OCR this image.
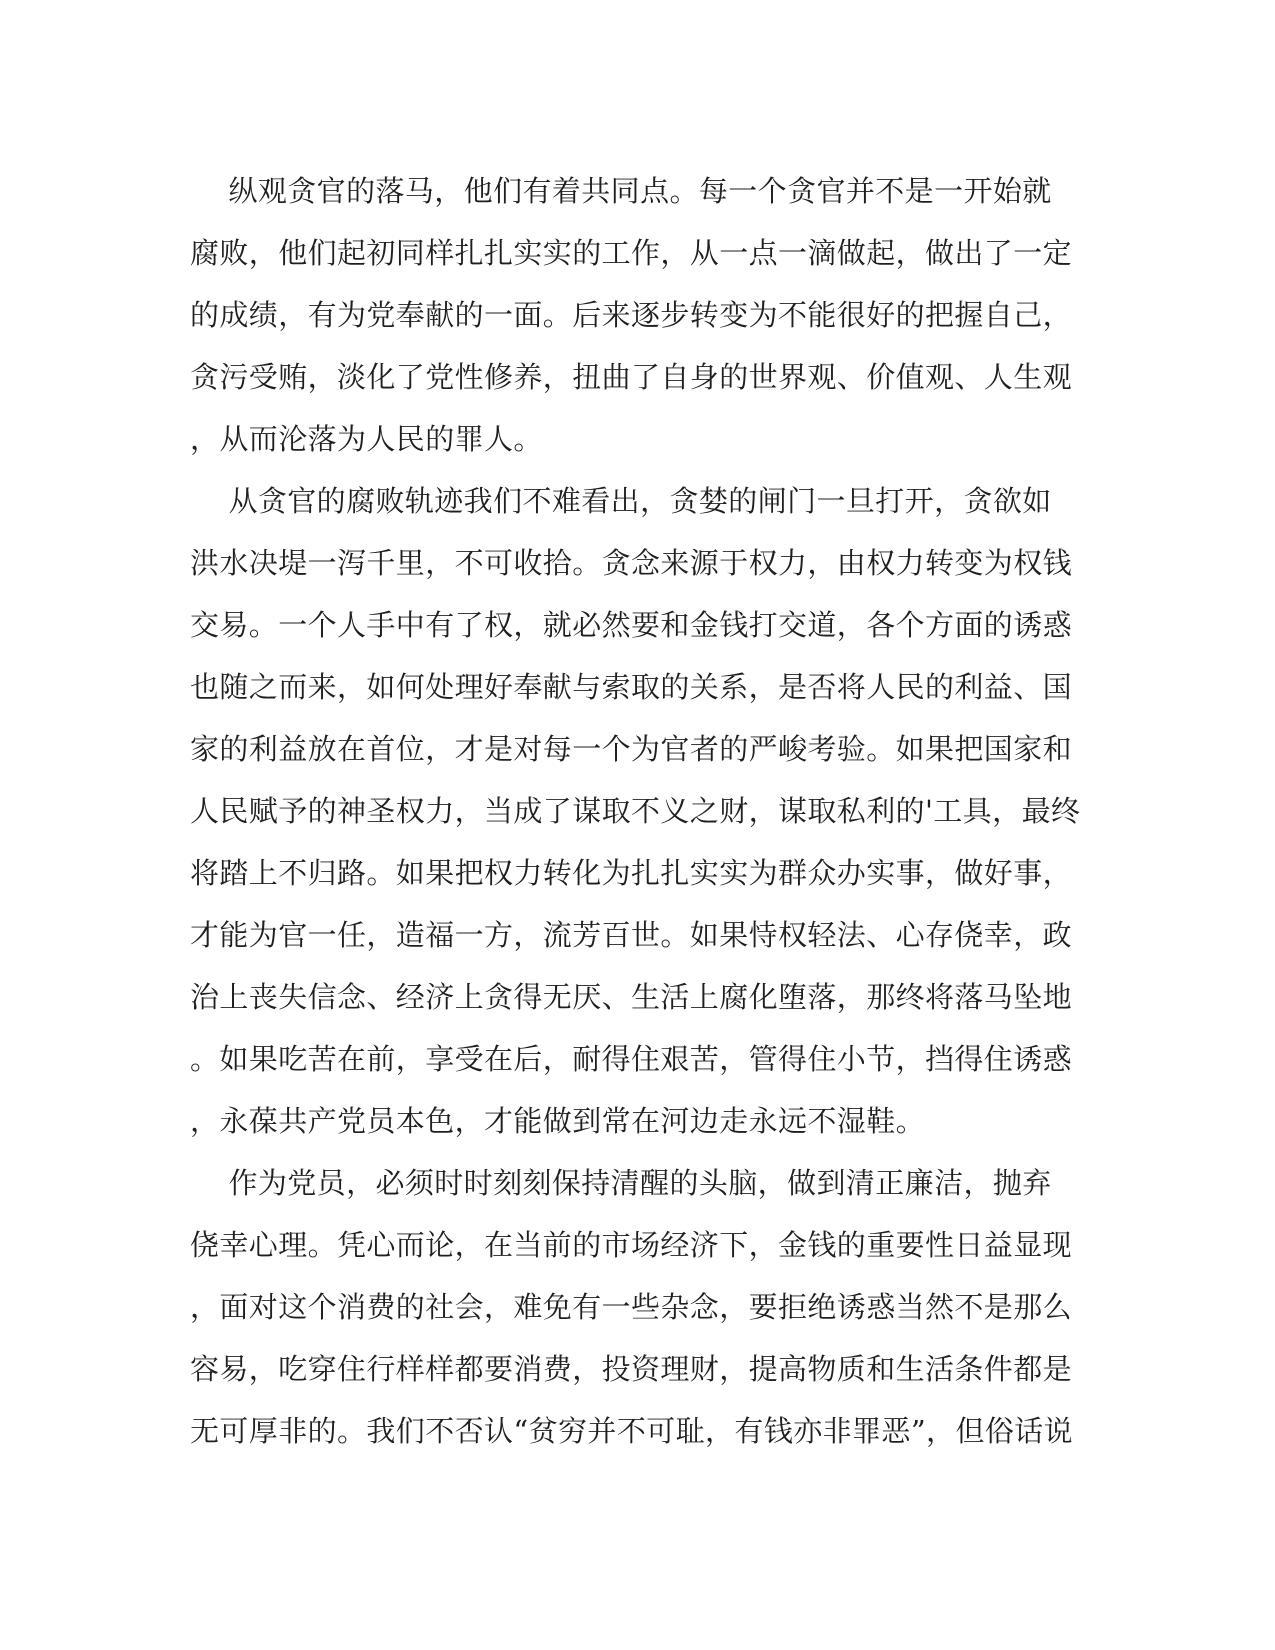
纵观贪官的落马，他们有着共同点。每一个贪官并不是一开始就
腐败，他们起初同样扎扎实实的工作，从一点一滴做起，做出了一定
的成绩，有为党奉献的一面。后来逐步转变为不能很好的把握自己，
贪污受贿，淡化了党性修养，扭曲了自身的世界观、价值观、人生观
，从而沦落为人民的罪人。
从贪官的腐败轨迹我们不难看出，贪婪的闸门一旦打开，贪欲如
洪水决堤一泻千里，不可收拾。贪念来源于权力，由权力转变为权钱
交易。一个人手中有了权，就必然要和金钱打交道，各个方面的诱惑
也随之而来，如何处理好奉献与索取的关系，是否将人民的利益、国
家的利益放在首位，才是对每一个为官者的严峻考验。如果把国家和
人民赋予的神圣权力，当成了谋取不义之财，谋取私利的'工具，最终
将踏上不归路。如果把权力转化为扎扎实实为群众办实事，做好事，
才能为官一任，造福一方，流芳百世。如果恃权轻法、心存侥幸，政
治上丧失信念、经济上贪得无厌、生活上腐化堕落，那终将落马坠地
。如果吃苦在前，享受在后，耐得住艰苦，管得住小节，挡得住诱惑
，永葆共产党员本色，才能做到常在河边走永远不湿鞋。
作为党员，必须时时刻刻保持清醒的头脑，做到清正廉洁，抛弃
侥幸心理。凭心而论，在当前的市场经济下，金钱的重要性日益显现
，面对这个消费的社会，难免有一些杂念，要拒绝诱惑当然不是那么
容易，吃穿住行样样都要消费，投资理财，提高物质和生活条件都是
无可厚非的。我们不否认“贫穷并不可耻，有钱亦非罪恶”，但俗话说
